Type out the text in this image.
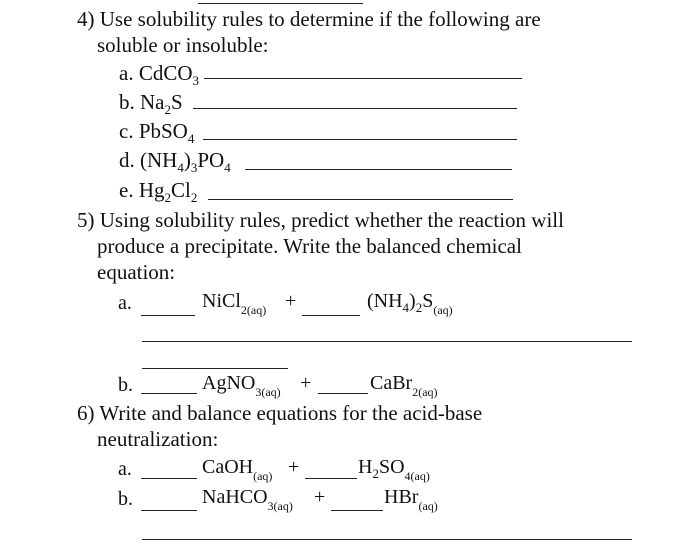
4) Use solubility rules to determine if the following are
soluble or insoluble:
a. CdCO$_3$
b. $Na_2S$
c. PbSO$_4$
d. $(NH_4)_3PO_4$
e. $Hg_2Cl_2$
5) Using solubility rules, predict whether the reaction will
produce a precipitate. Write the balanced chemical
equation:
a.	NiCl$_{2(aq)}$ +	$(NH_4)_2S_{(aq)}$
b.	AgNO$_{3(aq)}$ +	CaBr$_{2(aq)}$
6) Write and balance equations for the acid-base
neutralization:
a.	CaOH$_{(aq)}$ +	$H_2SO_{4(aq)}$
b.	NaHCO$_{3(aq)}$ +	HBr$_{(aq)}$
